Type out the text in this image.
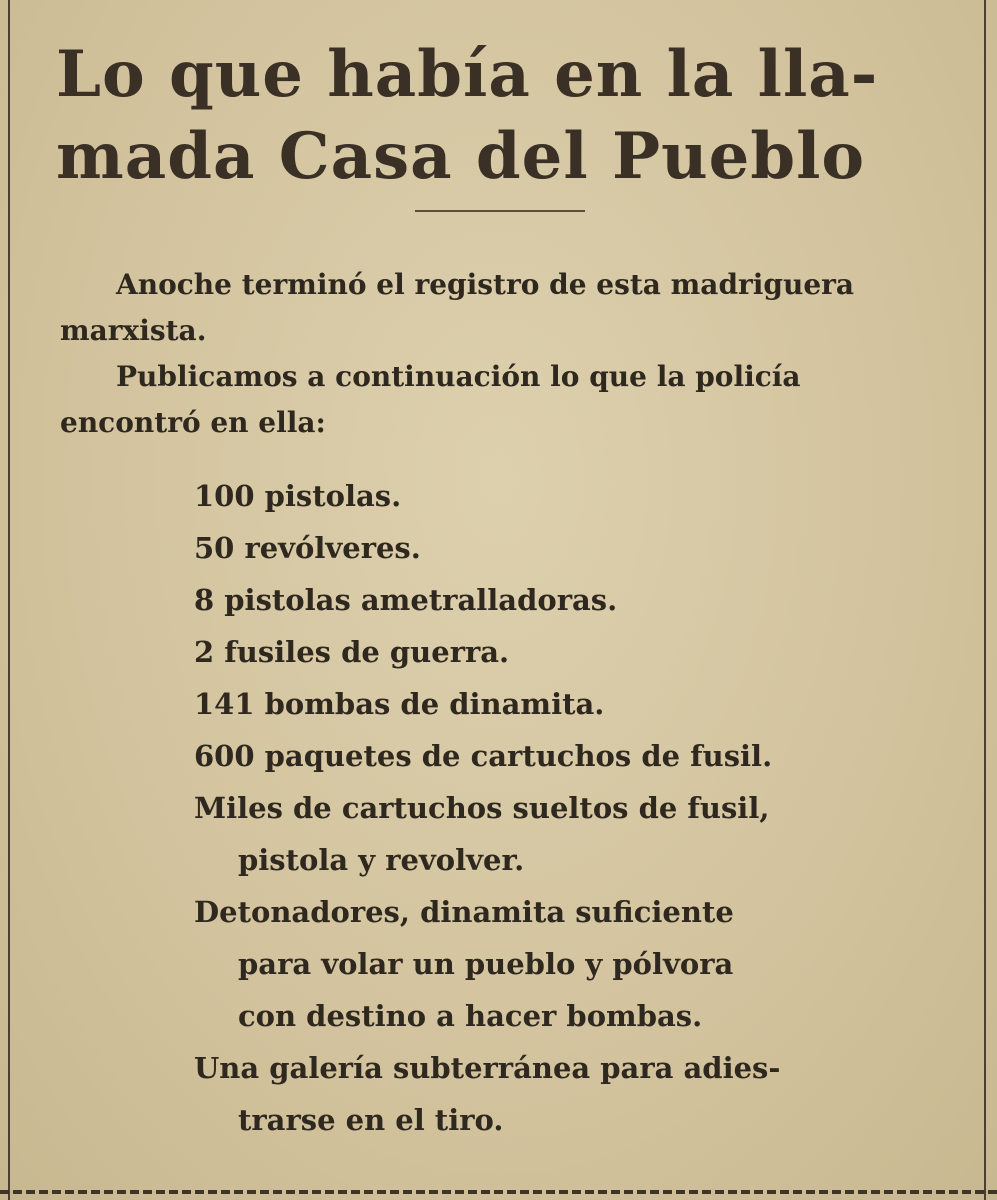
Lo que había en la lla-
mada Casa del Pueblo

Anoche terminó el registro de esta madriguera
marxista.

Publicamos a continuación lo que la policía
encontró en ella:

100 pistolas.
50 revólveres.
8 pistolas ametralladoras.
2 fusiles de guerra.
141 bombas de dinamita.
600 paquetes de cartuchos de fusil.
Miles de cartuchos sueltos de fusil,
pistola y revolver.
Detonadores, dinamita suficiente
para volar un pueblo y pólvora
con destino a hacer bombas.
Una galería subterránea para adies-
trarse en el tiro.
